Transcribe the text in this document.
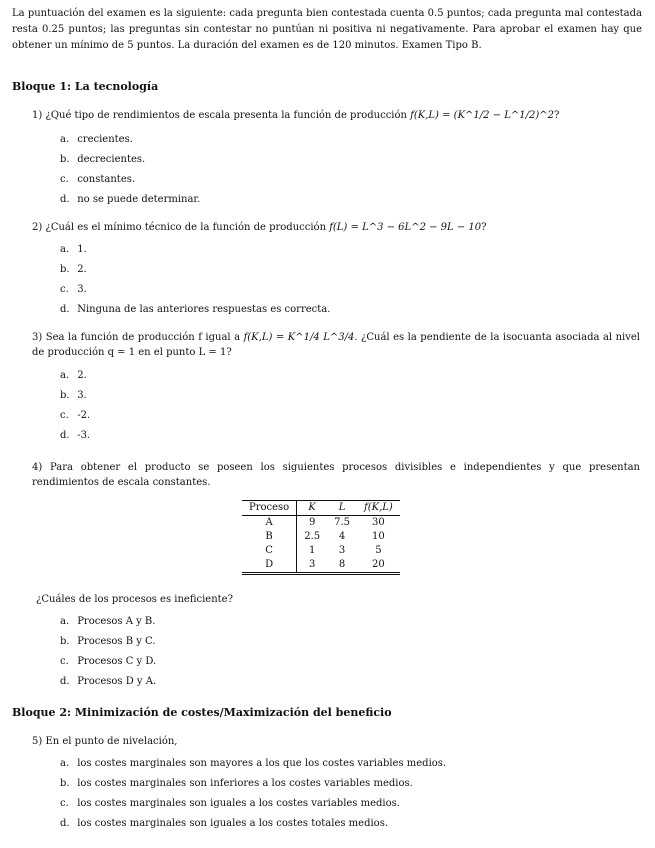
La puntuación del examen es la siguiente: cada pregunta bien contestada cuenta 0.5 puntos; cada pregunta mal contestada resta 0.25 puntos; las preguntas sin contestar no puntúan ni positiva ni negativamente. Para aprobar el examen hay que obtener un mínimo de 5 puntos. La duración del examen es de 120 minutos. Examen Tipo B.
Bloque 1: La tecnología
1) ¿Qué tipo de rendimientos de escala presenta la función de producción f(K,L) = (K^1/2 − L^1/2)^2?
a. crecientes.
b. decrecientes.
c. constantes.
d. no se puede determinar.
2) ¿Cuál es el mínimo técnico de la función de producción f(L) = L^3 − 6L^2 − 9L − 10?
a. 1.
b. 2.
c. 3.
d. Ninguna de las anteriores respuestas es correcta.
3) Sea la función de producción f igual a f(K,L) = K^1/4 L^3/4. ¿Cuál es la pendiente de la isocuanta asociada al nivel de producción q = 1 en el punto L = 1?
a. 2.
b. 3.
c. -2.
d. -3.
4) Para obtener el producto se poseen los siguientes procesos divisibles e independientes y que presentan rendimientos de escala constantes.
Proceso	K	L	f(K,L)
A	9	7.5	30
B	2.5	4	10
C	1	3	5
D	3	8	20
¿Cuáles de los procesos es ineficiente?
a. Procesos A y B.
b. Procesos B y C.
c. Procesos C y D.
d. Procesos D y A.
Bloque 2: Minimización de costes/Maximización del beneficio
5) En el punto de nivelación,
a. los costes marginales son mayores a los que los costes variables medios.
b. los costes marginales son inferiores a los costes variables medios.
c. los costes marginales son iguales a los costes variables medios.
d. los costes marginales son iguales a los costes totales medios.
